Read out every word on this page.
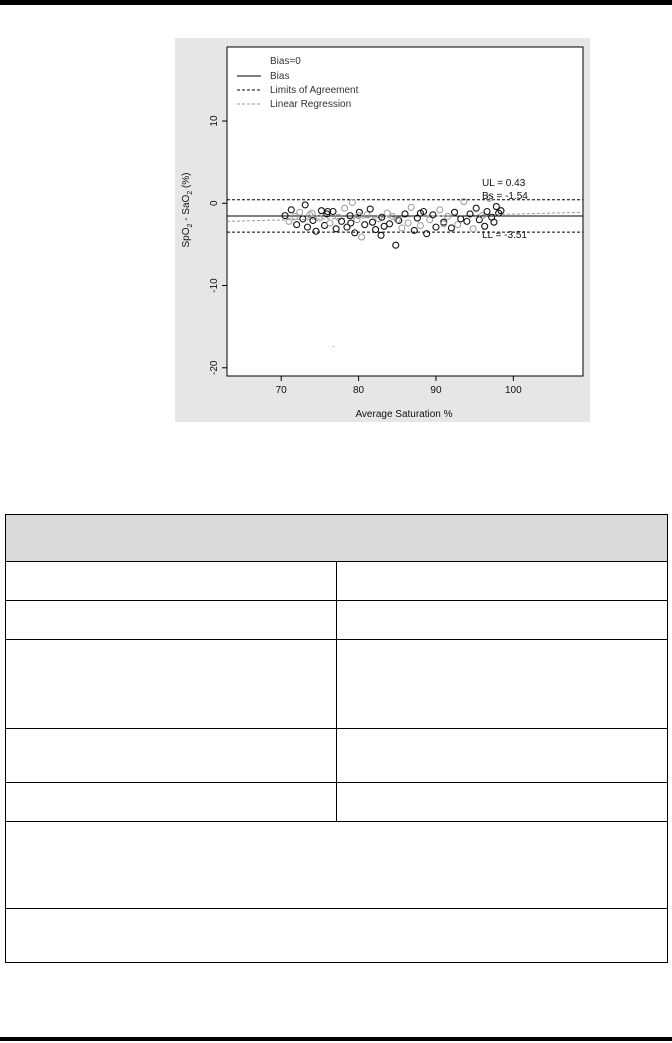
70	80	90	100
10
0
-10
-20
Bias=0
Bias
Limits of Agreement
Linear Regression
UL = 0.43
Bs = -1.54
LL = -3.51
Average Saturation %
SpO$_2$ - SaO$_2$ (%)
·
